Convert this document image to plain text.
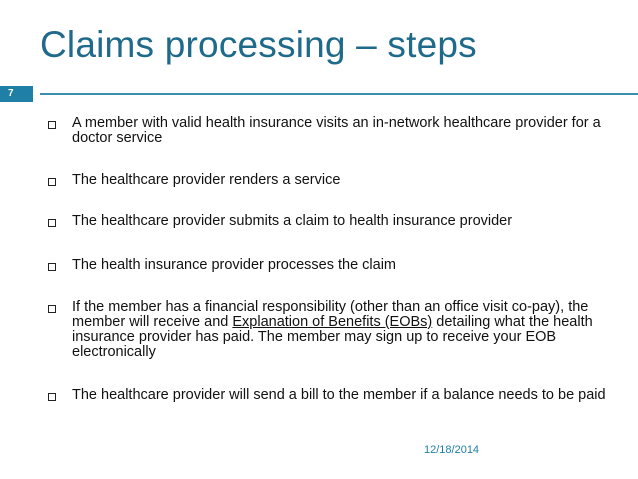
Claims processing – steps
7
A member with valid health insurance visits an in-network healthcare provider for a doctor service
The healthcare provider renders a service
The healthcare provider submits a claim to health insurance provider
The health insurance provider processes the claim
If the member has a financial responsibility (other than an office visit co-pay), the member will receive and Explanation of Benefits (EOBs) detailing what the health insurance provider has paid. The member may sign up to receive your EOB electronically
The healthcare provider will send a bill to the member if a balance needs to be paid
12/18/2014
